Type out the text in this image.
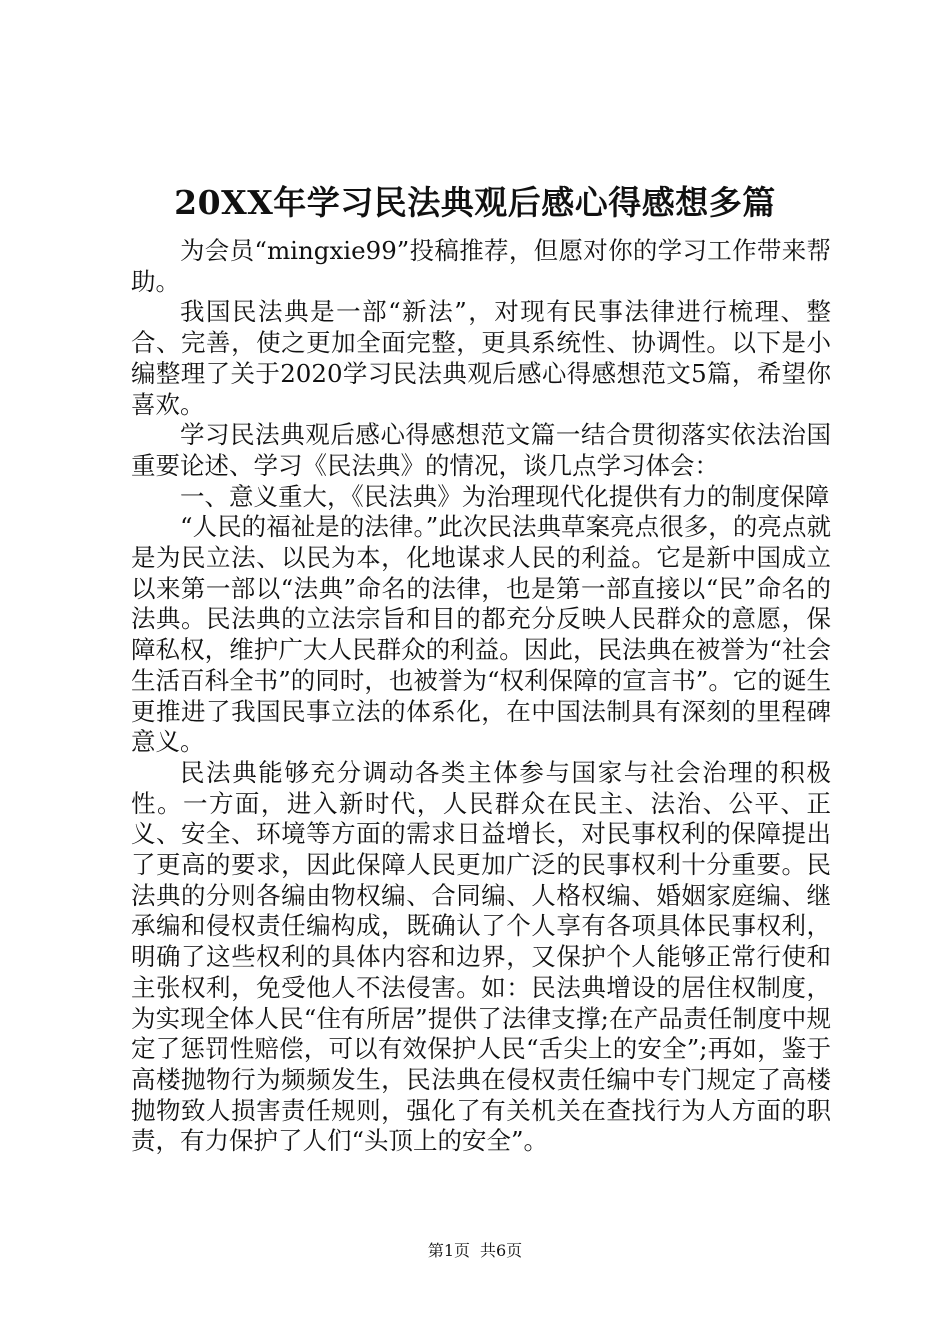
20XX年学习民法典观后感心得感想多篇

为会员“mingxie99”投稿推荐，但愿对你的学习工作带来帮助。

我国民法典是一部“新法”，对现有民事法律进行梳理、整合、完善，使之更加全面完整，更具系统性、协调性。以下是小编整理了关于2020学习民法典观后感心得感想范文5篇，希望你喜欢。

学习民法典观后感心得感想范文篇一结合贯彻落实依法治国重要论述、学习《民法典》的情况，谈几点学习体会：

一、意义重大，《民法典》为治理现代化提供有力的制度保障

“人民的福祉是的法律。”此次民法典草案亮点很多，的亮点就是为民立法、以民为本，化地谋求人民的利益。它是新中国成立以来第一部以“法典”命名的法律，也是第一部直接以“民”命名的法典。民法典的立法宗旨和目的都充分反映人民群众的意愿，保障私权，维护广大人民群众的利益。因此，民法典在被誉为“社会生活百科全书”的同时，也被誉为“权利保障的宣言书”。它的诞生更推进了我国民事立法的体系化，在中国法制具有深刻的里程碑意义。

民法典能够充分调动各类主体参与国家与社会治理的积极性。一方面，进入新时代，人民群众在民主、法治、公平、正义、安全、环境等方面的需求日益增长，对民事权利的保障提出了更高的要求，因此保障人民更加广泛的民事权利十分重要。民法典的分则各编由物权编、合同编、人格权编、婚姻家庭编、继承编和侵权责任编构成，既确认了个人享有各项具体民事权利，明确了这些权利的具体内容和边界，又保护个人能够正常行使和主张权利，免受他人不法侵害。如：民法典增设的居住权制度，为实现全体人民“住有所居”提供了法律支撑;在产品责任制度中规定了惩罚性赔偿，可以有效保护人民“舌尖上的安全”;再如，鉴于高楼抛物行为频频发生，民法典在侵权责任编中专门规定了高楼抛物致人损害责任规则，强化了有关机关在查找行为人方面的职责，有力保护了人们“头顶上的安全”。

第1页 共6页
